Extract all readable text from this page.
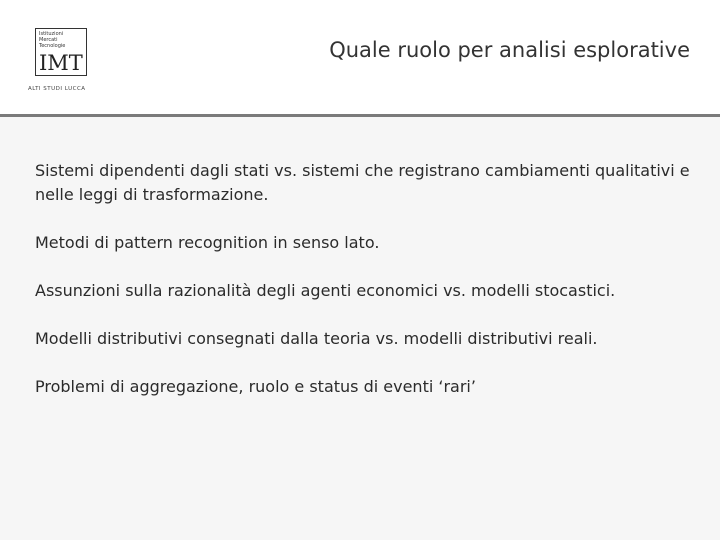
Istituzioni
Mercati
Tecnologie
IMT
ALTI STUDI LUCCA
Quale ruolo per analisi esplorative
Sistemi dipendenti dagli stati vs. sistemi che registrano cambiamenti qualitativi e nelle leggi di trasformazione.
Metodi di pattern recognition in senso lato.
Assunzioni sulla razionalità degli agenti economici vs. modelli stocastici.
Modelli distributivi consegnati dalla teoria vs. modelli distributivi reali.
Problemi di aggregazione, ruolo e status di eventi ‘rari’
